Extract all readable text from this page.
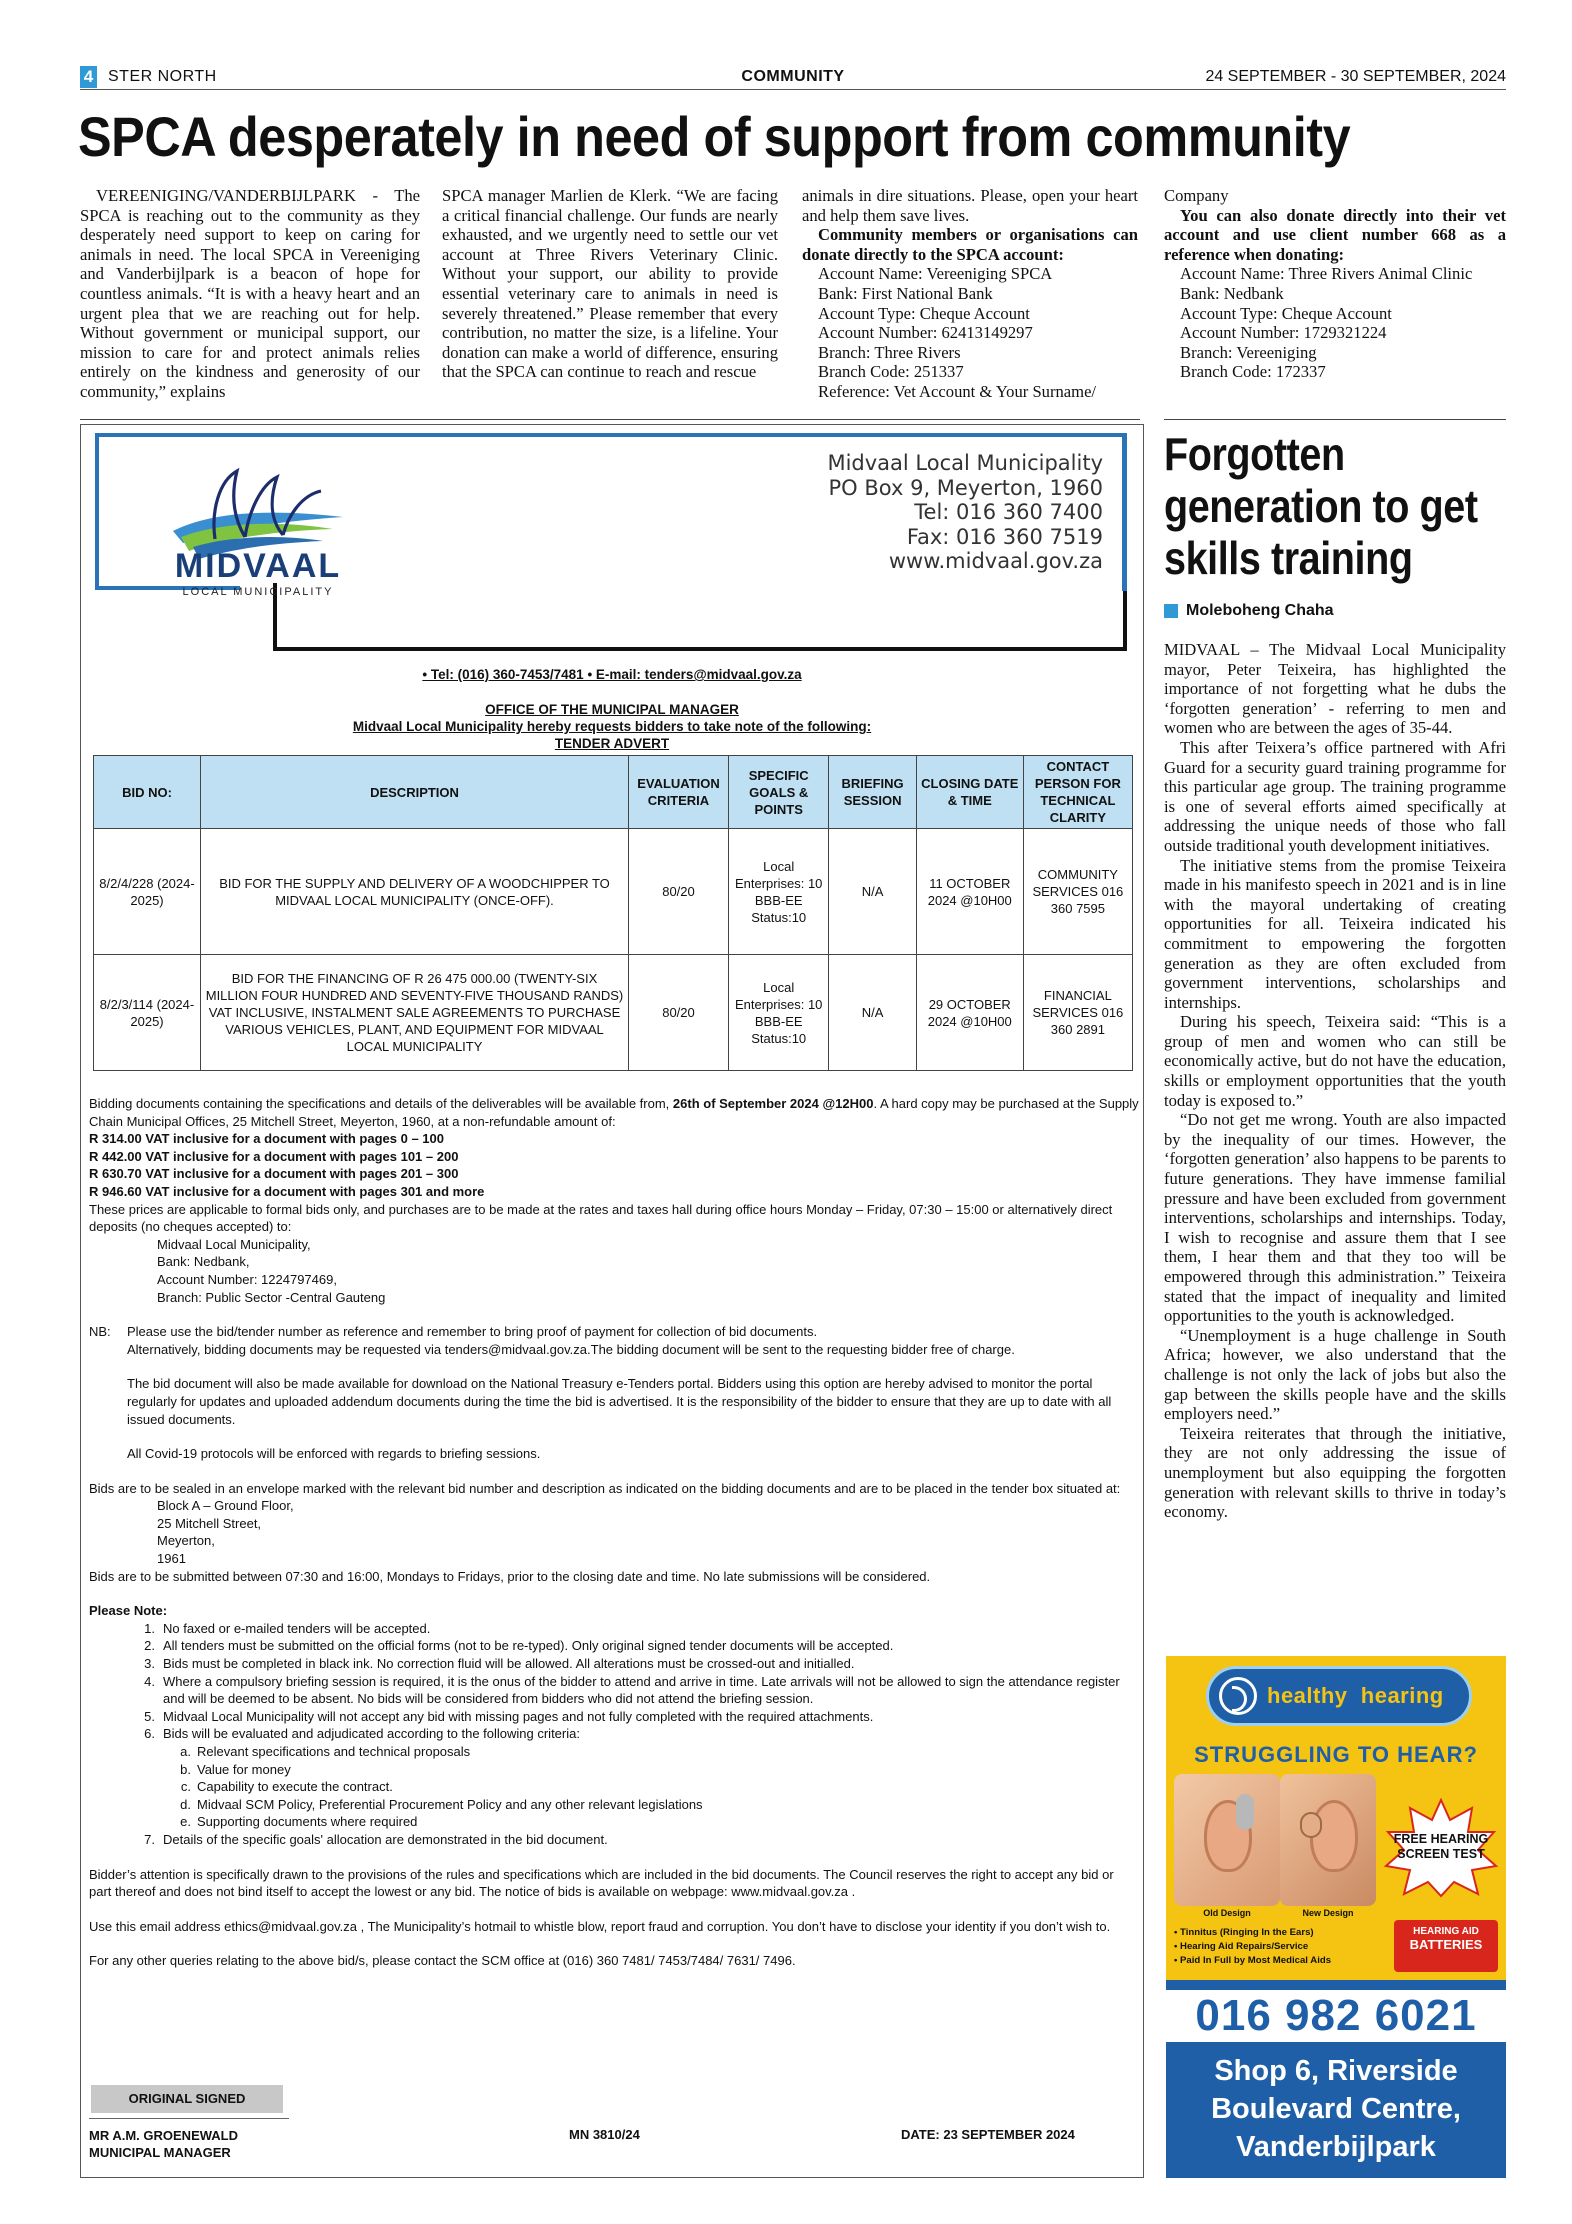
4 STER NORTH	COMMUNITY	24 SEPTEMBER - 30 SEPTEMBER, 2024
SPCA desperately in need of support from community

VEREENIGING/VANDERBIJLPARK - The SPCA is reaching out to the community as they desperately need support to keep on caring for animals in need. The local SPCA in Vereeniging and Vanderbijlpark is a beacon of hope for countless animals. “It is with a heavy heart and an urgent plea that we are reaching out for help. Without government or municipal support, our mission to care for and protect animals relies entirely on the kindness and generosity of our community,” explains

SPCA manager Marlien de Klerk. “We are facing a critical financial challenge. Our funds are nearly exhausted, and we urgently need to settle our vet account at Three Rivers Veterinary Clinic. Without your support, our ability to provide essential veterinary care to animals in need is severely threatened.” Please remember that every contribution, no matter the size, is a lifeline. Your donation can make a world of difference, ensuring that the SPCA can continue to reach and rescue

animals in dire situations. Please, open your heart and help them save lives.

Community members or organisations can donate directly to the SPCA account:

Account Name: Vereeniging SPCA
Bank: First National Bank
Account Type: Cheque Account
Account Number: 62413149297
Branch: Three Rivers
Branch Code: 251337
Reference: Vet Account & Your Surname/
Company

You can also donate directly into their vet account and use client number 668 as a reference when donating:

Account Name: Three Rivers Animal Clinic

Bank: Nedbank
Account Type: Cheque Account
Account Number: 1729321224
Branch: Vereeniging
Branch Code: 172337
MIDVAAL
LOCAL MUNICIPALITY
Midvaal Local Municipality
PO Box 9, Meyerton, 1960
Tel: 016 360 7400
Fax: 016 360 7519
www.midvaal.gov.za
• Tel: (016) 360-7453/7481 • E-mail: tenders@midvaal.gov.za
OFFICE OF THE MUNICIPAL MANAGER
Midvaal Local Municipality hereby requests bidders to take note of the following:
TENDER ADVERT
BID NO:	DESCRIPTION	EVALUATION CRITERIA	SPECIFIC GOALS & POINTS	BRIEFING SESSION	CLOSING DATE & TIME	CONTACT PERSON FOR TECHNICAL CLARITY
8/2/4/228 (2024-2025)	BID FOR THE SUPPLY AND DELIVERY OF A WOODCHIPPER TO MIDVAAL LOCAL MUNICIPALITY (ONCE-OFF).	80/20	Local Enterprises: 10 BBB-EE Status:10	N/A	11 OCTOBER 2024 @10H00	COMMUNITY SERVICES 016 360 7595
8/2/3/114 (2024-2025)	BID FOR THE FINANCING OF R 26 475 000.00 (TWENTY-SIX MILLION FOUR HUNDRED AND SEVENTY-FIVE THOUSAND RANDS) VAT INCLUSIVE, INSTALMENT SALE AGREEMENTS TO PURCHASE VARIOUS VEHICLES, PLANT, AND EQUIPMENT FOR MIDVAAL LOCAL MUNICIPALITY	80/20	Local Enterprises: 10 BBB-EE Status:10	N/A	29 OCTOBER 2024 @10H00	FINANCIAL SERVICES 016 360 2891
Bidding documents containing the specifications and details of the deliverables will be available from, 26th of September 2024 @12H00. A hard copy may be purchased at the Supply Chain Municipal Offices, 25 Mitchell Street, Meyerton, 1960, at a non-refundable amount of:
R 314.00 VAT inclusive for a document with pages 0 – 100
R 442.00 VAT inclusive for a document with pages 101 – 200
R 630.70 VAT inclusive for a document with pages 201 – 300
R 946.60 VAT inclusive for a document with pages 301 and more
These prices are applicable to formal bids only, and purchases are to be made at the rates and taxes hall during office hours Monday – Friday, 07:30 – 15:00 or alternatively direct deposits (no cheques accepted) to:
Midvaal Local Municipality,
Bank: Nedbank,
Account Number: 1224797469,
Branch: Public Sector -Central Gauteng
NB:	Please use the bid/tender number as reference and remember to bring proof of payment for collection of bid documents.
Alternatively, bidding documents may be requested via tenders@midvaal.gov.za.The bidding document will be sent to the requesting bidder free of charge.
The bid document will also be made available for download on the National Treasury e-Tenders portal. Bidders using this option are hereby advised to monitor the portal regularly for updates and uploaded addendum documents during the time the bid is advertised. It is the responsibility of the bidder to ensure that they are up to date with all issued documents.
All Covid-19 protocols will be enforced with regards to briefing sessions.
Bids are to be sealed in an envelope marked with the relevant bid number and description as indicated on the bidding documents and are to be placed in the tender box situated at:
Block A – Ground Floor,
25 Mitchell Street,
Meyerton,
1961
Bids are to be submitted between 07:30 and 16:00, Mondays to Fridays, prior to the closing date and time. No late submissions will be considered.
Please Note:
1. No faxed or e-mailed tenders will be accepted.
2. All tenders must be submitted on the official forms (not to be re-typed). Only original signed tender documents will be accepted.
3. Bids must be completed in black ink. No correction fluid will be allowed. All alterations must be crossed-out and initialled.
4. Where a compulsory briefing session is required, it is the onus of the bidder to attend and arrive in time. Late arrivals will not be allowed to sign the attendance register and will be deemed to be absent. No bids will be considered from bidders who did not attend the briefing session.
5. Midvaal Local Municipality will not accept any bid with missing pages and not fully completed with the required attachments.
6. Bids will be evaluated and adjudicated according to the following criteria:
a. Relevant specifications and technical proposals
b. Value for money
c. Capability to execute the contract.
d. Midvaal SCM Policy, Preferential Procurement Policy and any other relevant legislations
e. Supporting documents where required
7. Details of the specific goals' allocation are demonstrated in the bid document.
Bidder’s attention is specifically drawn to the provisions of the rules and specifications which are included in the bid documents. The Council reserves the right to accept any bid or part thereof and does not bind itself to accept the lowest or any bid. The notice of bids is available on webpage: www.midvaal.gov.za .
Use this email address ethics@midvaal.gov.za , The Municipality’s hotmail to whistle blow, report fraud and corruption. You don’t have to disclose your identity if you don’t wish to.
For any other queries relating to the above bid/s, please contact the SCM office at (016) 360 7481/ 7453/7484/ 7631/ 7496.
ORIGINAL SIGNED
MR A.M. GROENEWALD
MUNICIPAL MANAGER
MN 3810/24	DATE: 23 SEPTEMBER 2024
Forgotten generation to get skills training
Moleboheng Chaha

MIDVAAL – The Midvaal Local Municipality mayor, Peter Teixeira, has highlighted the importance of not forgetting what he dubs the ‘forgotten generation’ - referring to men and women who are between the ages of 35-44.

This after Teixera’s office partnered with Afri Guard for a security guard training programme for this particular age group. The training programme is one of several efforts aimed specifically at addressing the unique needs of those who fall outside traditional youth development initiatives.

The initiative stems from the promise Teixeira made in his manifesto speech in 2021 and is in line with the mayoral undertaking of creating opportunities for all. Teixeira indicated his commitment to empowering the forgotten generation as they are often excluded from government interventions, scholarships and internships.

During his speech, Teixeira said: “This is a group of men and women who can still be economically active, but do not have the education, skills or employment opportunities that the youth today is exposed to.”

“Do not get me wrong. Youth are also impacted by the inequality of our times. However, the ‘forgotten generation’ also happens to be parents to future generations. They have immense familial pressure and have been excluded from government interventions, scholarships and internships. Today, I wish to recognise and assure them that I see them, I hear them and that they too will be empowered through this administration.” Teixeira stated that the impact of inequality and limited opportunities to the youth is acknowledged.

“Unemployment is a huge challenge in South Africa; however, we also understand that the challenge is not only the lack of jobs but also the gap between the skills people have and the skills employers need.”

Teixeira reiterates that through the initiative, they are not only addressing the issue of unemployment but also equipping the forgotten generation with relevant skills to thrive in today’s economy.

healthy hearing
STRUGGLING TO HEAR?
Old Design	New Design
FREE HEARING SCREEN TEST
• Tinnitus (Ringing In the Ears)
• Hearing Aid Repairs/Service
• Paid In Full by Most Medical Aids
HEARING AID
BATTERIES
016 982 6021
Shop 6, Riverside
Boulevard Centre,
Vanderbijlpark
